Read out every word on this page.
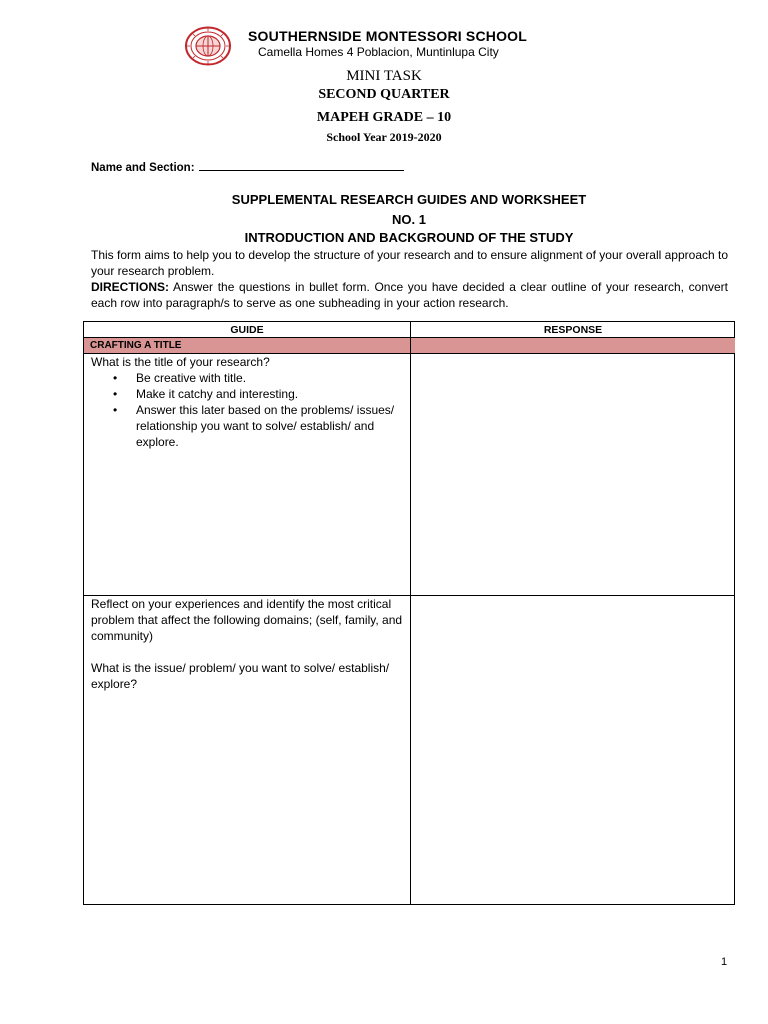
SOUTHERNSIDE MONTESSORI SCHOOL
Camella Homes 4 Poblacion, Muntinlupa City
MINI TASK
SECOND QUARTER
MAPEH GRADE – 10
School Year 2019-2020
Name and Section:
SUPPLEMENTAL RESEARCH GUIDES AND WORKSHEET
NO. 1
INTRODUCTION AND BACKGROUND OF THE STUDY
This form aims to help you to develop the structure of your research and to ensure alignment of your overall approach to your research problem.
DIRECTIONS: Answer the questions in bullet form. Once you have decided a clear outline of your research, convert each row into paragraph/s to serve as one subheading in your action research.
GUIDE	RESPONSE
CRAFTING A TITLE
What is the title of your research?
• Be creative with title.
• Make it catchy and interesting.
• Answer this later based on the problems/ issues/ relationship you want to solve/ establish/ and explore.
Reflect on your experiences and identify the most critical problem that affect the following domains; (self, family, and community)
What is the issue/ problem/ you want to solve/ establish/ explore?
1
